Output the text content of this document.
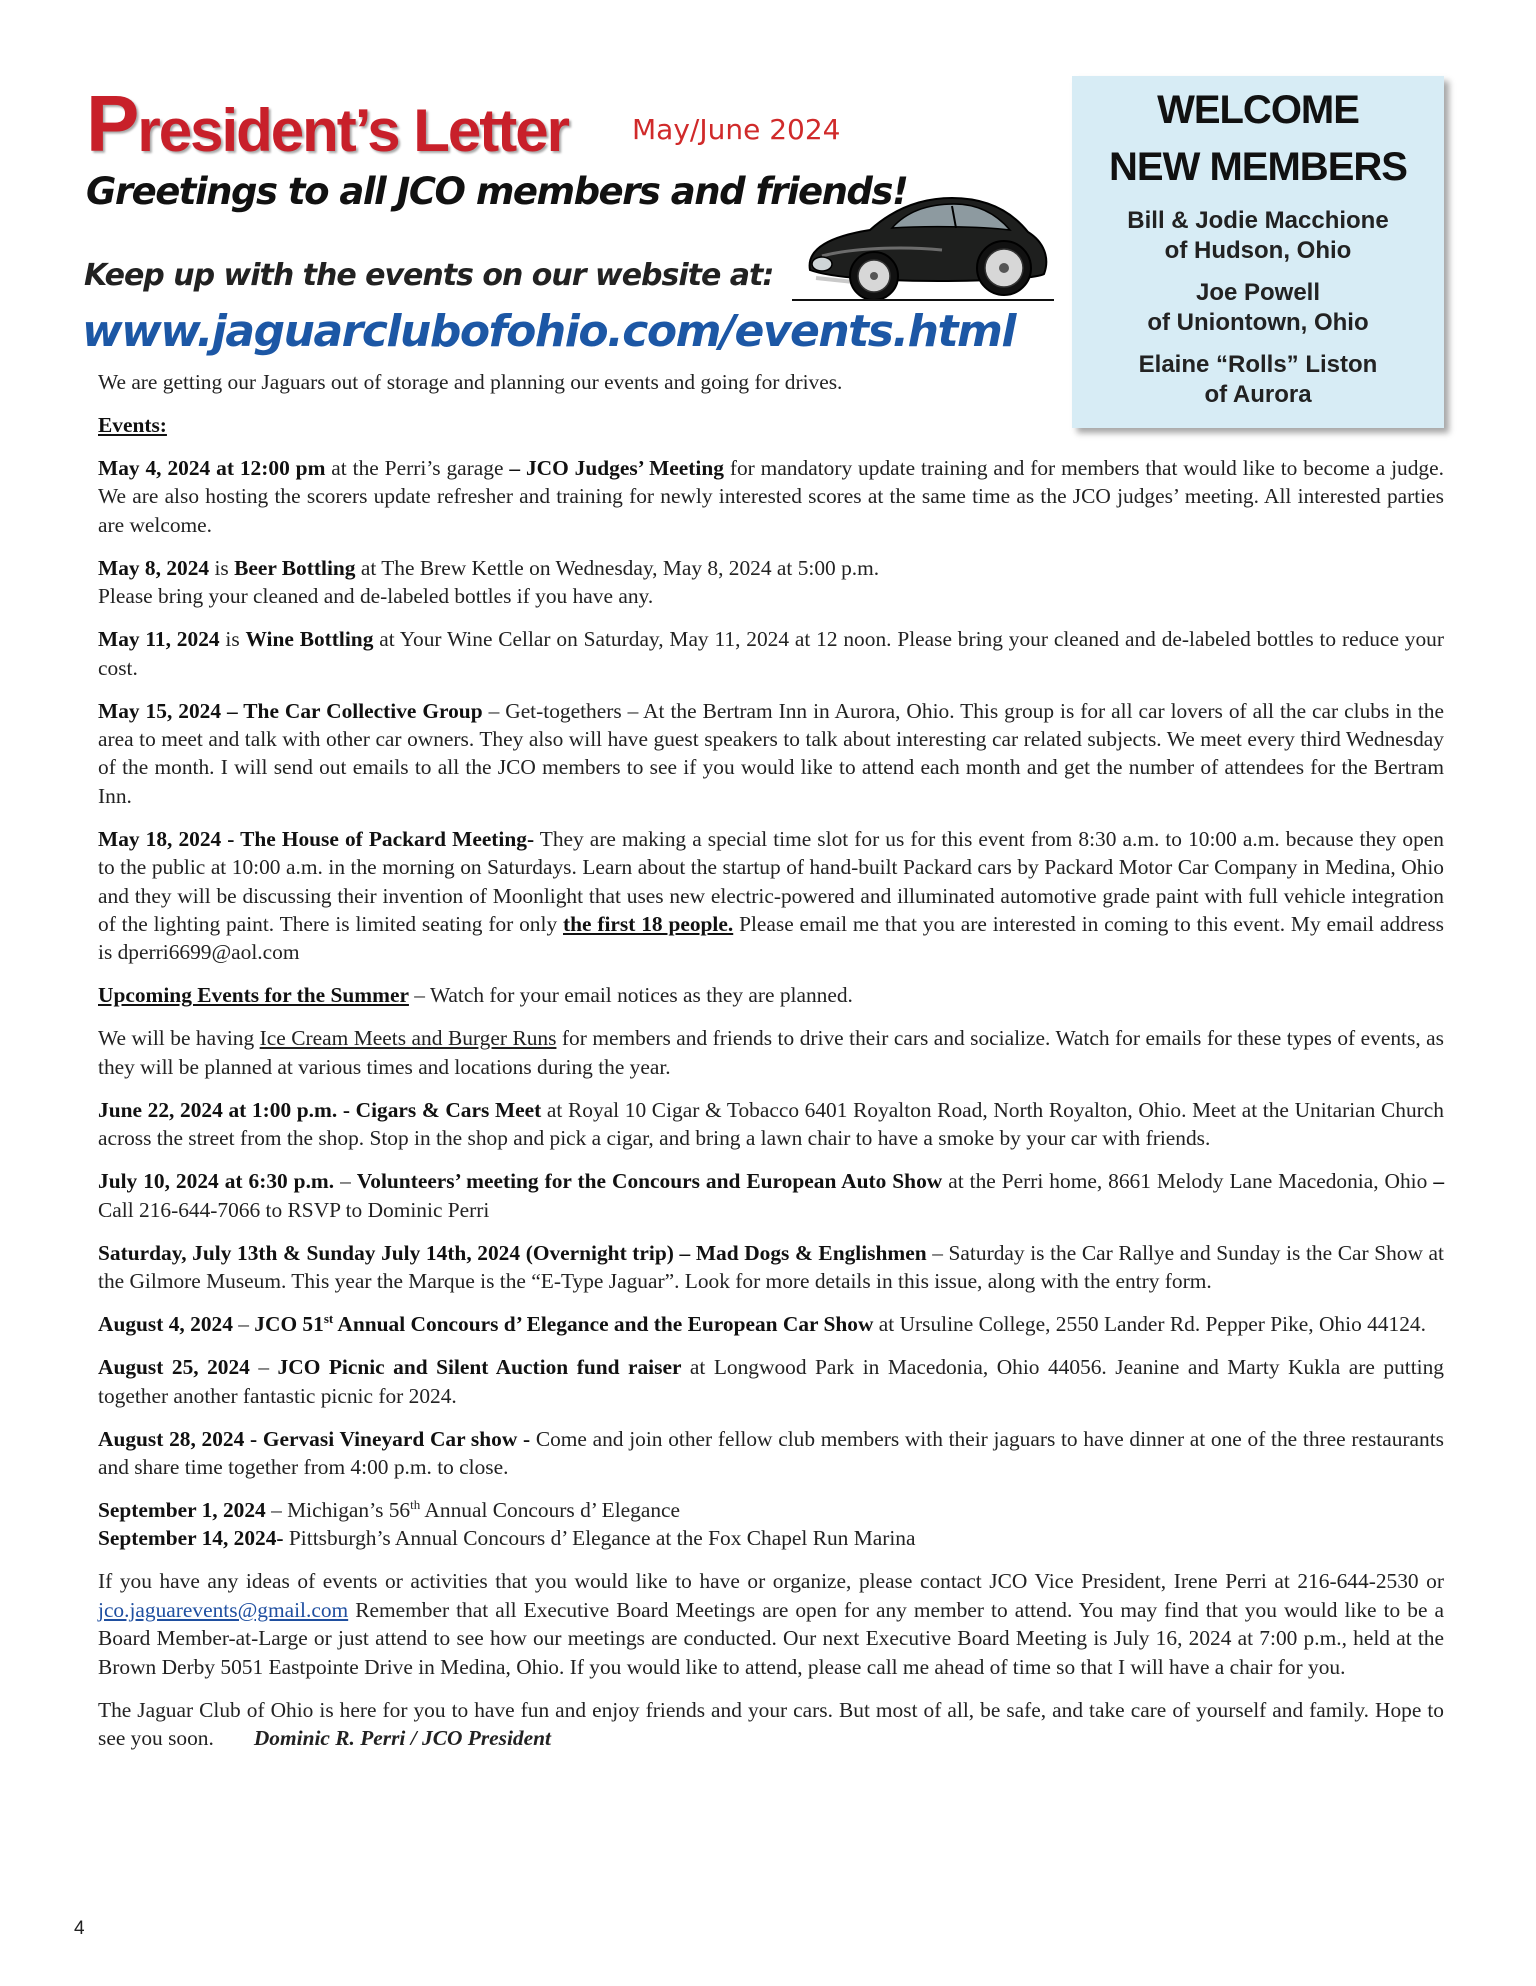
President’s Letter May/June 2024
Greetings to all JCO members and friends!
Keep up with the events on our website at:
www.jaguarclubofohio.com/events.html
WELCOME
NEW MEMBERS
Bill & Jodie Macchione
of Hudson, Ohio
Joe Powell
of Uniontown, Ohio
Elaine “Rolls” Liston
of Aurora

We are getting our Jaguars out of storage and planning our events and going for drives.

Events:

May 4, 2024 at 12:00 pm at the Perri’s garage – JCO Judges’ Meeting for mandatory update training and for members that would like to become a judge. We are also hosting the scorers update refresher and training for newly interested scores at the same time as the JCO judges’ meeting. All interested parties are welcome.

May 8, 2024 is Beer Bottling at The Brew Kettle on Wednesday, May 8, 2024 at 5:00 p.m.
Please bring your cleaned and de-labeled bottles if you have any.

May 11, 2024 is Wine Bottling at Your Wine Cellar on Saturday, May 11, 2024 at 12 noon. Please bring your cleaned and de-labeled bottles to reduce your cost.

May 15, 2024 – The Car Collective Group – Get-togethers – At the Bertram Inn in Aurora, Ohio. This group is for all car lovers of all the car clubs in the area to meet and talk with other car owners. They also will have guest speakers to talk about interesting car related subjects. We meet every third Wednesday of the month. I will send out emails to all the JCO members to see if you would like to attend each month and get the number of attendees for the Bertram Inn.

May 18, 2024 - The House of Packard Meeting- They are making a special time slot for us for this event from 8:30 a.m. to 10:00 a.m. because they open to the public at 10:00 a.m. in the morning on Saturdays. Learn about the startup of hand-built Packard cars by Packard Motor Car Company in Medina, Ohio and they will be discussing their invention of Moonlight that uses new electric-powered and illuminated automotive grade paint with full vehicle integration of the lighting paint. There is limited seating for only the first 18 people. Please email me that you are interested in coming to this event. My email address is dperri6699@aol.com

Upcoming Events for the Summer – Watch for your email notices as they are planned.

We will be having Ice Cream Meets and Burger Runs for members and friends to drive their cars and socialize. Watch for emails for these types of events, as they will be planned at various times and locations during the year.

June 22, 2024 at 1:00 p.m. - Cigars & Cars Meet at Royal 10 Cigar & Tobacco 6401 Royalton Road, North Royalton, Ohio. Meet at the Unitarian Church across the street from the shop. Stop in the shop and pick a cigar, and bring a lawn chair to have a smoke by your car with friends.

July 10, 2024 at 6:30 p.m. – Volunteers’ meeting for the Concours and European Auto Show at the Perri home, 8661 Melody Lane Macedonia, Ohio – Call 216-644-7066 to RSVP to Dominic Perri

Saturday, July 13th & Sunday July 14th, 2024 (Overnight trip) – Mad Dogs & Englishmen – Saturday is the Car Rallye and Sunday is the Car Show at the Gilmore Museum. This year the Marque is the “E-Type Jaguar”. Look for more details in this issue, along with the entry form.

August 4, 2024 – JCO 51st Annual Concours d’ Elegance and the European Car Show at Ursuline College, 2550 Lander Rd. Pepper Pike, Ohio 44124.

August 25, 2024 – JCO Picnic and Silent Auction fund raiser at Longwood Park in Macedonia, Ohio 44056. Jeanine and Marty Kukla are putting together another fantastic picnic for 2024.

August 28, 2024 - Gervasi Vineyard Car show - Come and join other fellow club members with their jaguars to have dinner at one of the three restaurants and share time together from 4:00 p.m. to close.

September 1, 2024 – Michigan’s 56th Annual Concours d’ Elegance

September 14, 2024- Pittsburgh’s Annual Concours d’ Elegance at the Fox Chapel Run Marina

If you have any ideas of events or activities that you would like to have or organize, please contact JCO Vice President, Irene Perri at 216-644-2530 or jco.jaguarevents@gmail.com Remember that all Executive Board Meetings are open for any member to attend. You may find that you would like to be a Board Member-at-Large or just attend to see how our meetings are conducted. Our next Executive Board Meeting is July 16, 2024 at 7:00 p.m., held at the Brown Derby 5051 Eastpointe Drive in Medina, Ohio. If you would like to attend, please call me ahead of time so that I will have a chair for you.

The Jaguar Club of Ohio is here for you to have fun and enjoy friends and your cars. But most of all, be safe, and take care of yourself and family. Hope to see you soon. Dominic R. Perri / JCO President

4
